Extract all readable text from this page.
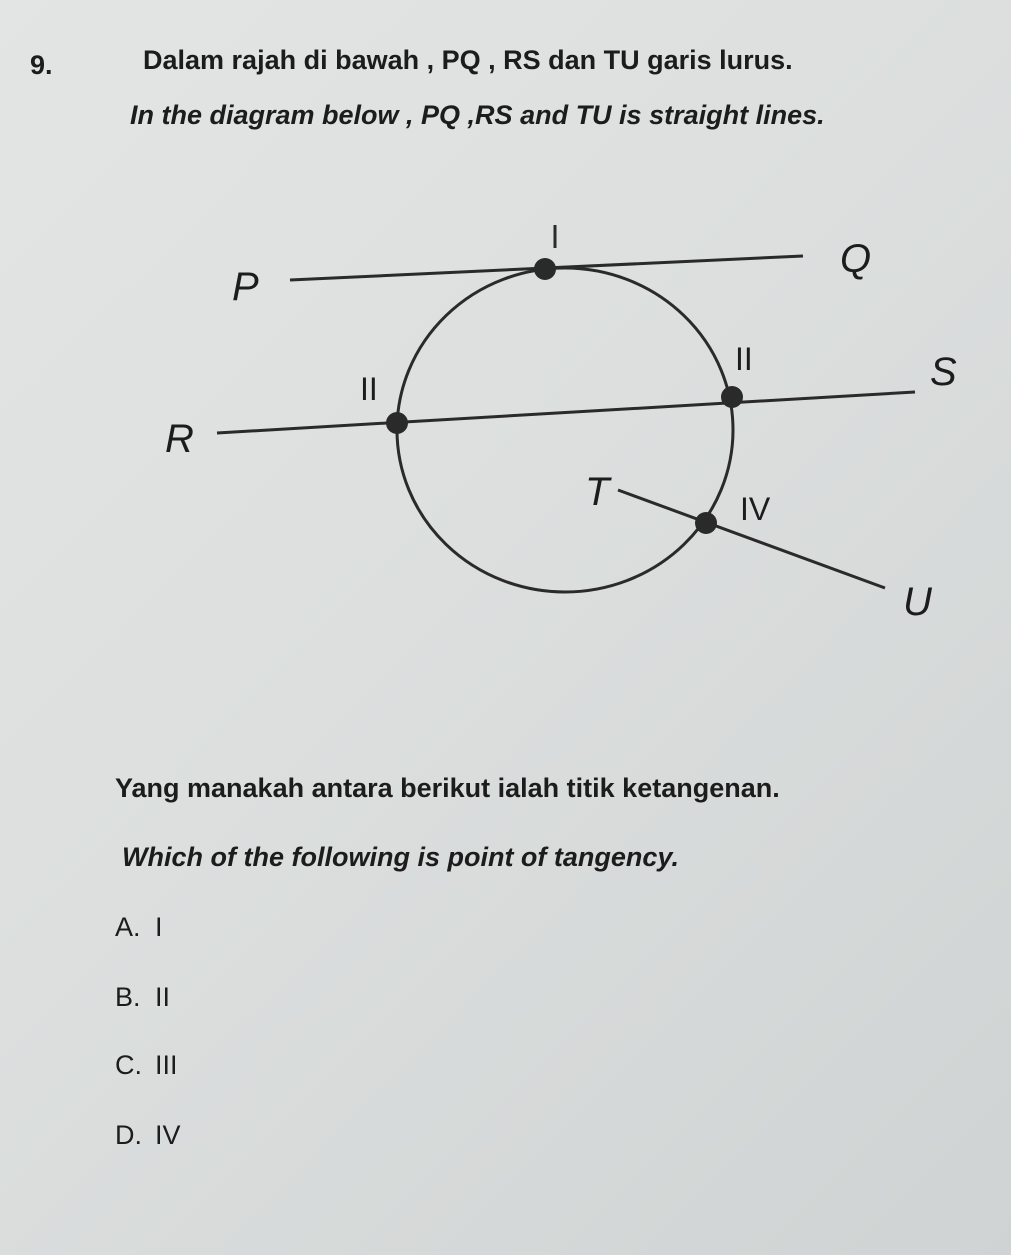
9.	Dalam rajah di bawah , PQ , RS dan TU garis lurus.
In the diagram below , PQ ,RS and TU is straight lines.
P
Q
R
S
T
U
II
II
IV
Yang manakah antara berikut ialah titik ketangenan.
Which of the following is point of tangency.
A. I
B. II
C. III
D. IV
